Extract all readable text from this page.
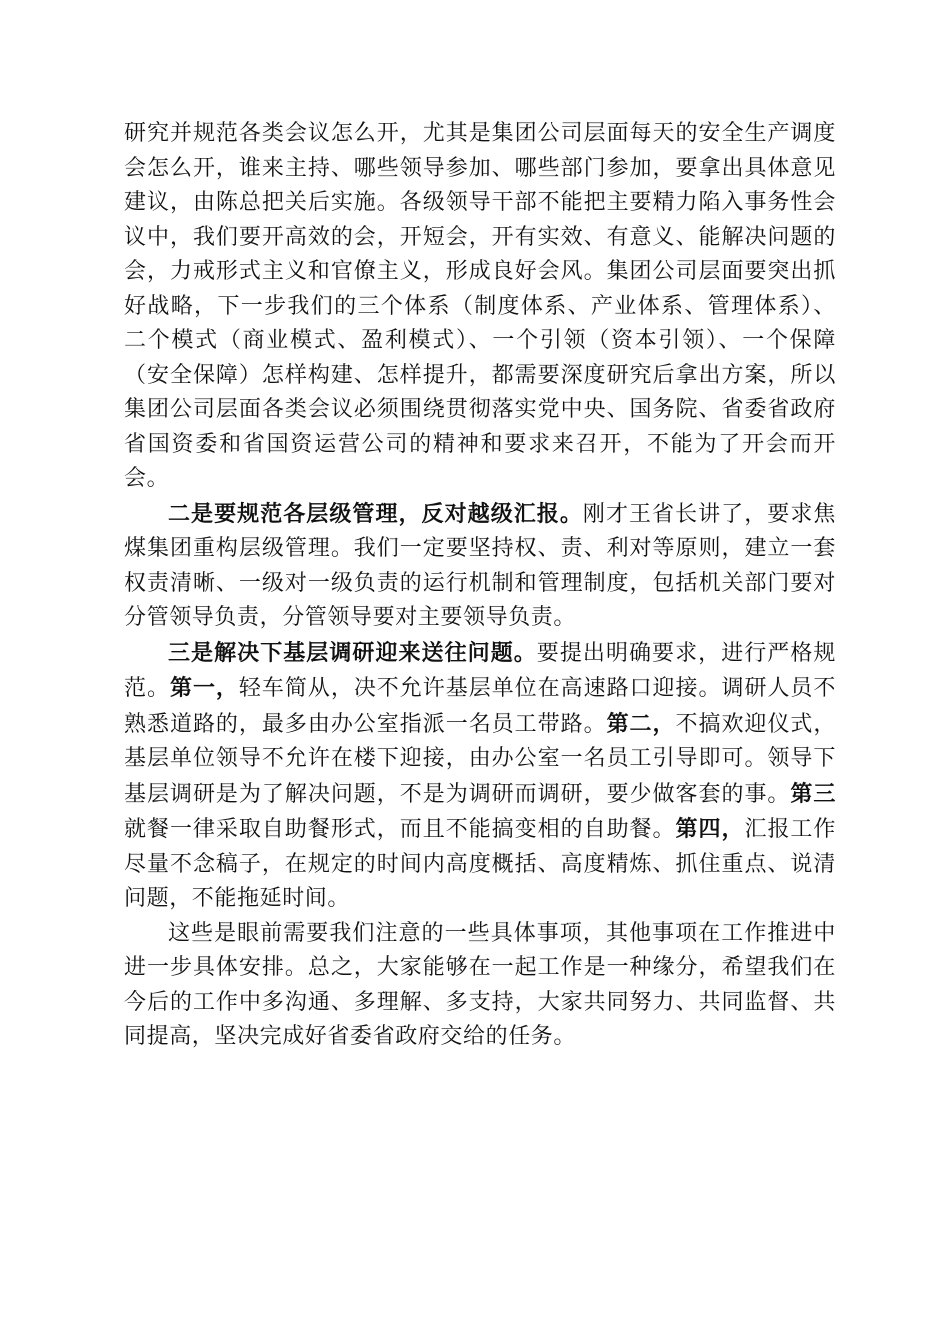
研究并规范各类会议怎么开，尤其是集团公司层面每天的安全生产调度会怎么开，谁来主持、哪些领导参加、哪些部门参加，要拿出具体意见建议，由陈总把关后实施。各级领导干部不能把主要精力陷入事务性会议中，我们要开高效的会，开短会，开有实效、有意义、能解决问题的会，力戒形式主义和官僚主义，形成良好会风。集团公司层面要突出抓好战略，下一步我们的三个体系（制度体系、产业体系、管理体系）、二个模式（商业模式、盈利模式）、一个引领（资本引领）、一个保障（安全保障）怎样构建、怎样提升，都需要深度研究后拿出方案，所以集团公司层面各类会议必须围绕贯彻落实党中央、国务院、省委省政府省国资委和省国资运营公司的精神和要求来召开，不能为了开会而开会。

二是要规范各层级管理，反对越级汇报。刚才王省长讲了，要求焦煤集团重构层级管理。我们一定要坚持权、责、利对等原则，建立一套权责清晰、一级对一级负责的运行机制和管理制度，包括机关部门要对分管领导负责，分管领导要对主要领导负责。

三是解决下基层调研迎来送往问题。要提出明确要求，进行严格规范。第一，轻车简从，决不允许基层单位在高速路口迎接。调研人员不熟悉道路的，最多由办公室指派一名员工带路。第二，不搞欢迎仪式，基层单位领导不允许在楼下迎接，由办公室一名员工引导即可。领导下基层调研是为了解决问题，不是为调研而调研，要少做客套的事。第三就餐一律采取自助餐形式，而且不能搞变相的自助餐。第四，汇报工作尽量不念稿子，在规定的时间内高度概括、高度精炼、抓住重点、说清问题，不能拖延时间。

这些是眼前需要我们注意的一些具体事项，其他事项在工作推进中进一步具体安排。总之，大家能够在一起工作是一种缘分，希望我们在今后的工作中多沟通、多理解、多支持，大家共同努力、共同监督、共同提高，坚决完成好省委省政府交给的任务。
